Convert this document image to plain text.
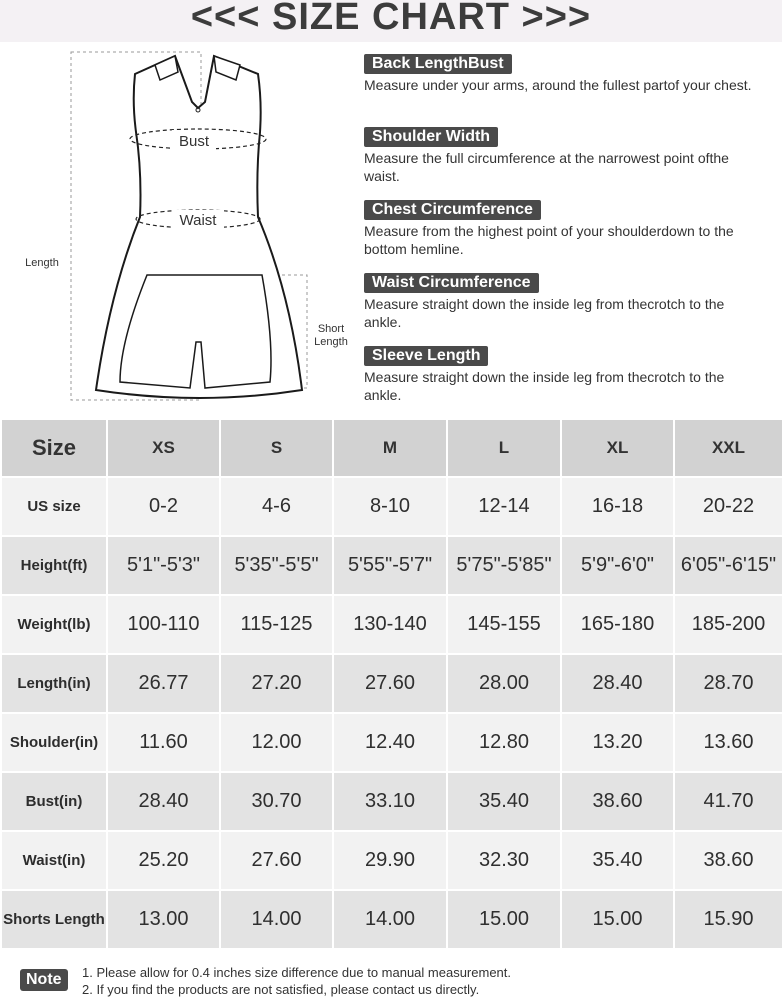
<<< SIZE CHART >>>
Bust
Waist
Length
Short
Length
Back LengthBust
Measure under your arms, around the fullest partof your chest.
Shoulder Width
Measure the full circumference at the narrowest point ofthe waist.
Chest Circumference
Measure from the highest point of your shoulderdown to the bottom hemline.
Waist Circumference
Measure straight down the inside leg from thecrotch to the ankle.
Sleeve Length
Measure straight down the inside leg from thecrotch to the ankle.
Size	XS	S	M	L	XL	XXL
US size	0-2	4-6	8-10	12-14	16-18	20-22
Height(ft)	5'1"-5'3"	5'35"-5'5"	5'55"-5'7"	5'75"-5'85"	5'9"-6'0"	6'05"-6'15"
Weight(lb)	100-110	115-125	130-140	145-155	165-180	185-200
Length(in)	26.77	27.20	27.60	28.00	28.40	28.70
Shoulder(in)	11.60	12.00	12.40	12.80	13.20	13.60
Bust(in)	28.40	30.70	33.10	35.40	38.60	41.70
Waist(in)	25.20	27.60	29.90	32.30	35.40	38.60
Shorts Length	13.00	14.00	14.00	15.00	15.00	15.90
Note	1. Please allow for 0.4 inches size difference due to manual measurement.
2. If you find the products are not satisfied, please contact us directly.
